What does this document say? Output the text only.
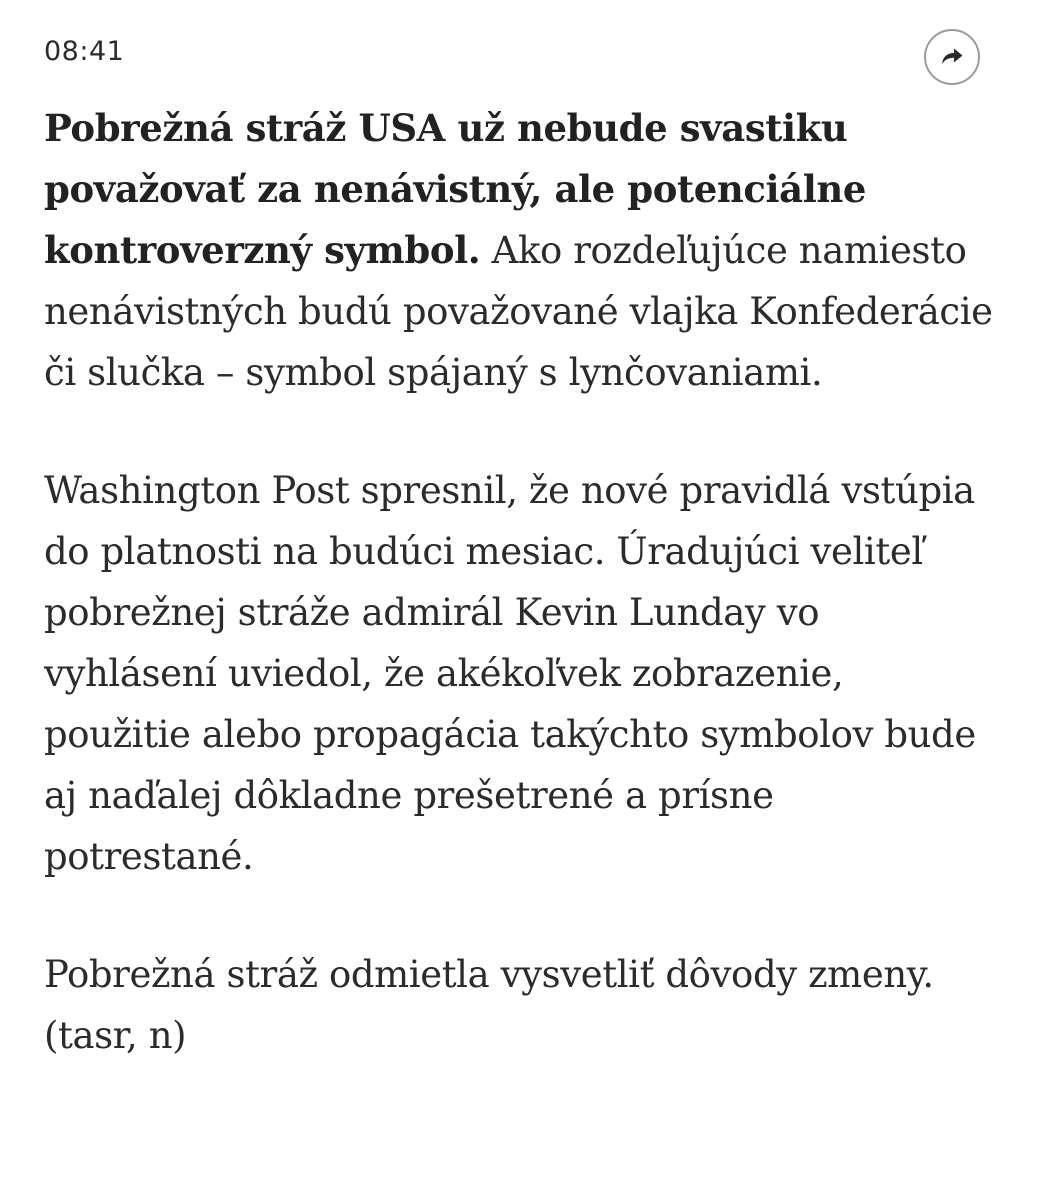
08:41

Pobrežná stráž USA už nebude svastiku považovať za nenávistný, ale potenciálne kontroverzný symbol. Ako rozdeľujúce namiesto nenávistných budú považované vlajka Konfederácie či slučka – symbol spájaný s lynčovaniami.

Washington Post spresnil, že nové pravidlá vstúpia do platnosti na budúci mesiac. Úradujúci veliteľ pobrežnej stráže admirál Kevin Lunday vo vyhlásení uviedol, že akékoľvek zobrazenie, použitie alebo propagácia takýchto symbolov bude aj naďalej dôkladne prešetrené a prísne potrestané.

Pobrežná stráž odmietla vysvetliť dôvody zmeny. (tasr, n)
